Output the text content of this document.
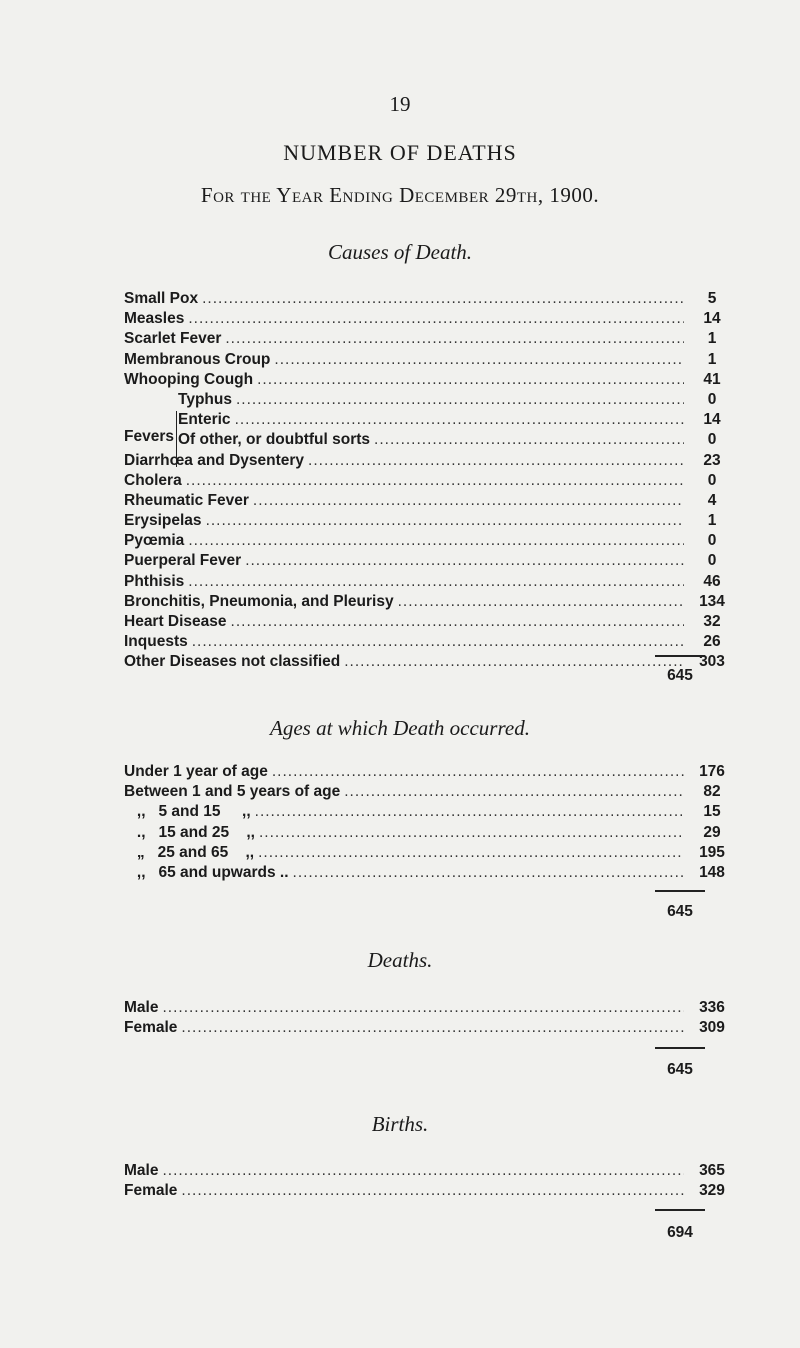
19
NUMBER OF DEATHS
For the Year Ending December 29th, 1900.
Causes of Death.
Small Pox .....	5
Measles .....	14
Scarlet Fever .....	1
Membranous Croup .....	1
Whooping Cough .....	41
Typhus .....	0
Enteric .....	14
Of other, or doubtful sorts .....	0
Diarrhœa and Dysentery .....	23
Cholera .....	0
Rheumatic Fever .....	4
Erysipelas .....	1
Pyœmia .....	0
Puerperal Fever .....	0
Phthisis .....	46
Bronchitis, Pneumonia, and Pleurisy .....	134
Heart Disease .....	32
Inquests .....	26
Other Diseases not classified .....	303
Fevers
645
Ages at which Death occurred.
Under 1 year of age .....	176
Between 1 and 5 years of age .....	82
,,   5 and 15     ,, .....	15
.,   15 and 25    ,, .....	29
„   25 and 65    ,, .....	195
,,   65 and upwards .. .....	148
645
Deaths.
Male .....	336
Female .....	309
645
Births.
Male .....	365
Female .....	329
694
